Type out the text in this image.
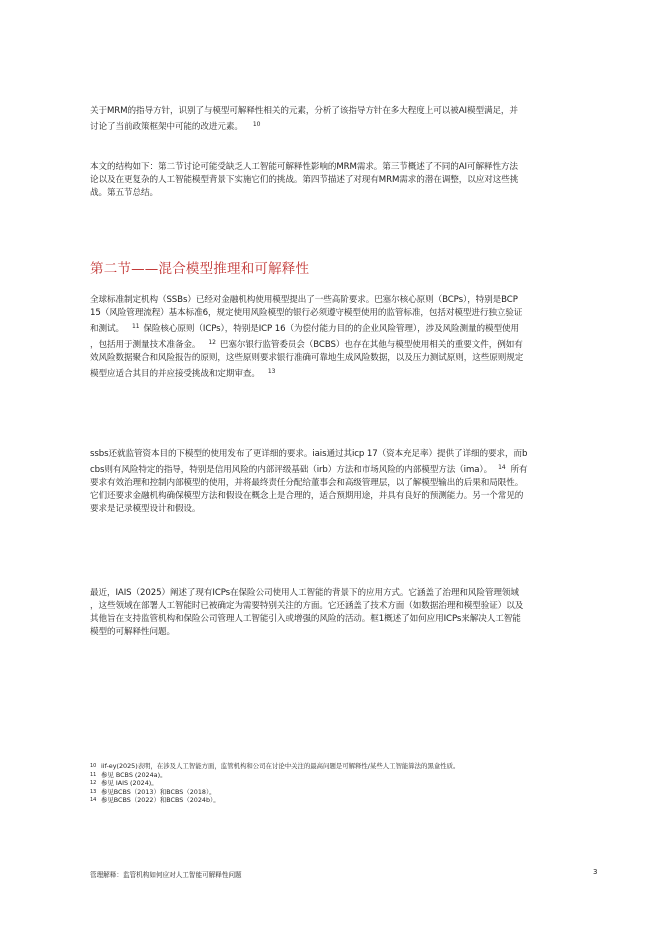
关于MRM的指导方针，识别了与模型可解释性相关的元素，分析了该指导方针在多大程度上可以被AI模型满足，并
讨论了当前政策框架中可能的改进元素。 $^{10}$
本文的结构如下：第二节讨论可能受缺乏人工智能可解释性影响的MRM需求。第三节概述了不同的AI可解释性方法
论以及在更复杂的人工智能模型背景下实施它们的挑战。第四节描述了对现有MRM需求的潜在调整，以应对这些挑
战。第五节总结。
第二节——混合模型推理和可解释性
全球标准制定机构（SSBs）已经对金融机构使用模型提出了一些高阶要求。巴塞尔核心原则（BCPs），特别是BCP
15（风险管理流程）基本标准6，规定使用风险模型的银行必须遵守模型使用的监管标准，包括对模型进行独立验证
和测试。 $^{11}$ 保险核心原则（ICPs），特别是ICP 16（为偿付能力目的的企业风险管理），涉及风险测量的模型使用
，包括用于测量技术准备金。 $^{12}$ 巴塞尔银行监管委员会（BCBS）也存在其他与模型使用相关的重要文件，例如有
效风险数据聚合和风险报告的原则，这些原则要求银行准确可靠地生成风险数据，以及压力测试原则，这些原则规定
模型应适合其目的并应接受挑战和定期审查。 $^{13}$
ssbs还就监管资本目的下模型的使用发布了更详细的要求。iais通过其icp 17（资本充足率）提供了详细的要求，而b
cbs则有风险特定的指导，特别是信用风险的内部评级基础（irb）方法和市场风险的内部模型方法（ima）。 $^{14}$ 所有
要求有效治理和控制内部模型的使用，并将最终责任分配给董事会和高级管理层，以了解模型输出的后果和局限性。
它们还要求金融机构确保模型方法和假设在概念上是合理的，适合预期用途，并具有良好的预测能力。另一个常见的
要求是记录模型设计和假设。
最近，IAIS（2025）阐述了现有ICPs在保险公司使用人工智能的背景下的应用方式。它涵盖了治理和风险管理领域
，这些领域在部署人工智能时已被确定为需要特别关注的方面。它还涵盖了技术方面（如数据治理和模型验证）以及
其他旨在支持监管机构和保险公司管理人工智能引入或增强的风险的活动。框1概述了如何应用ICPs来解决人工智能
模型的可解释性问题。
10 iif-ey(2025)表明，在涉及人工智能方面，监管机构和公司在讨论中关注的最高问题是可解释性/某些人工智能算法的黑盒性质。
11 参见 BCBS (2024a)。
12 参见 IAIS (2024)。
13 参见BCBS（2013）和BCBS（2018）。
14 参见BCBS（2022）和BCBS（2024b）。
管理解释：监管机构如何应对人工智能可解释性问题	3
